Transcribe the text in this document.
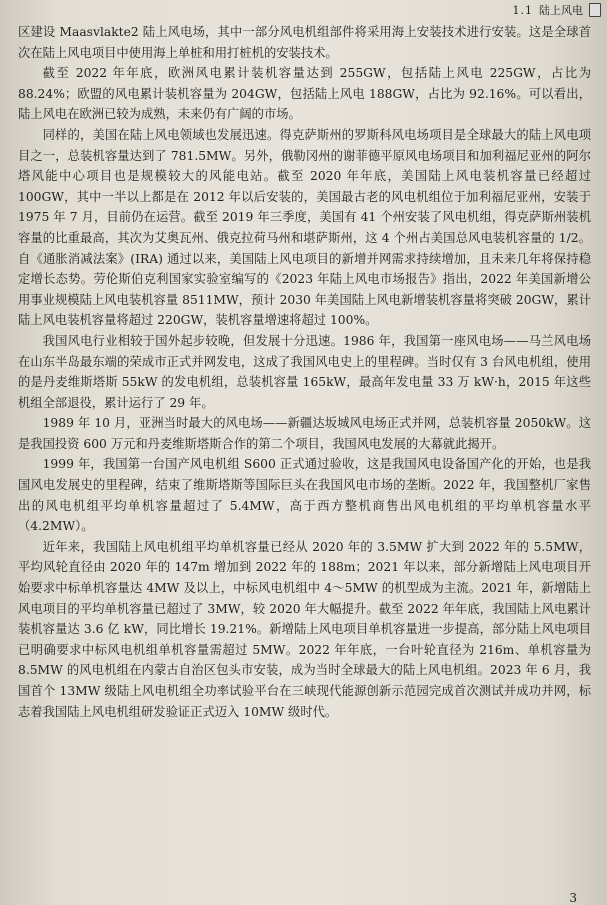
1.1 陆上风电

区建设 Maasvlakte2 陆上风电场，其中一部分风电机组部件将采用海上安装技术进行安装。这是全球首次在陆上风电项目中使用海上单桩和用打桩机的安装技术。

截至 2022 年年底，欧洲风电累计装机容量达到 255GW，包括陆上风电 225GW，占比为 88.24%；欧盟的风电累计装机容量为 204GW，包括陆上风电 188GW，占比为 92.16%。可以看出，陆上风电在欧洲已较为成熟，未来仍有广阔的市场。

同样的，美国在陆上风电领域也发展迅速。得克萨斯州的罗斯科风电场项目是全球最大的陆上风电项目之一，总装机容量达到了 781.5MW。另外，俄勒冈州的谢菲德平原风电场项目和加利福尼亚州的阿尔塔风能中心项目也是规模较大的风能电站。截至 2020 年年底，美国陆上风电装机容量已经超过 100GW，其中一半以上都是在 2012 年以后安装的，美国最古老的风电机组位于加利福尼亚州，安装于 1975 年 7 月，目前仍在运营。截至 2019 年三季度，美国有 41 个州安装了风电机组，得克萨斯州装机容量的比重最高，其次为艾奥瓦州、俄克拉荷马州和堪萨斯州，这 4 个州占美国总风电装机容量的 1/2。自《通胀消减法案》(IRA) 通过以来，美国陆上风电项目的新增并网需求持续增加，且未来几年将保持稳定增长态势。劳伦斯伯克利国家实验室编写的《2023 年陆上风电市场报告》指出，2022 年美国新增公用事业规模陆上风电装机容量 8511MW，预计 2030 年美国陆上风电新增装机容量将突破 20GW，累计陆上风电装机容量将超过 220GW，装机容量增速将超过 100%。

我国风电行业相较于国外起步较晚，但发展十分迅速。1986 年，我国第一座风电场——马兰风电场在山东半岛最东端的荣成市正式并网发电，这成了我国风电史上的里程碑。当时仅有 3 台风电机组，使用的是丹麦维斯塔斯 55kW 的发电机组，总装机容量 165kW，最高年发电量 33 万 kW·h，2015 年这些机组全部退役，累计运行了 29 年。

1989 年 10 月，亚洲当时最大的风电场——新疆达坂城风电场正式并网，总装机容量 2050kW。这是我国投资 600 万元和丹麦维斯塔斯合作的第二个项目，我国风电发展的大幕就此揭开。

1999 年，我国第一台国产风电机组 S600 正式通过验收，这是我国风电设备国产化的开始，也是我国风电发展史的里程碑，结束了维斯塔斯等国际巨头在我国风电市场的垄断。2022 年，我国整机厂家售出的风电机组平均单机容量超过了 5.4MW，高于西方整机商售出风电机组的平均单机容量水平（4.2MW）。

近年来，我国陆上风电机组平均单机容量已经从 2020 年的 3.5MW 扩大到 2022 年的 5.5MW，平均风轮直径由 2020 年的 147m 增加到 2022 年的 188m；2021 年以来，部分新增陆上风电项目开始要求中标单机容量达 4MW 及以上，中标风电机组中 4～5MW 的机型成为主流。2021 年，新增陆上风电项目的平均单机容量已超过了 3MW，较 2020 年大幅提升。截至 2022 年年底，我国陆上风电累计装机容量达 3.6 亿 kW，同比增长 19.21%。新增陆上风电项目单机容量进一步提高，部分陆上风电项目已明确要求中标风电机组单机容量需超过 5MW。2022 年年底，一台叶轮直径为 216m、单机容量为 8.5MW 的风电机组在内蒙古自治区包头市安装，成为当时全球最大的陆上风电机组。2023 年 6 月，我国首个 13MW 级陆上风电机组全功率试验平台在三峡现代能源创新示范园完成首次测试并成功并网，标志着我国陆上风电机组研发验证正式迈入 10MW 级时代。

3
